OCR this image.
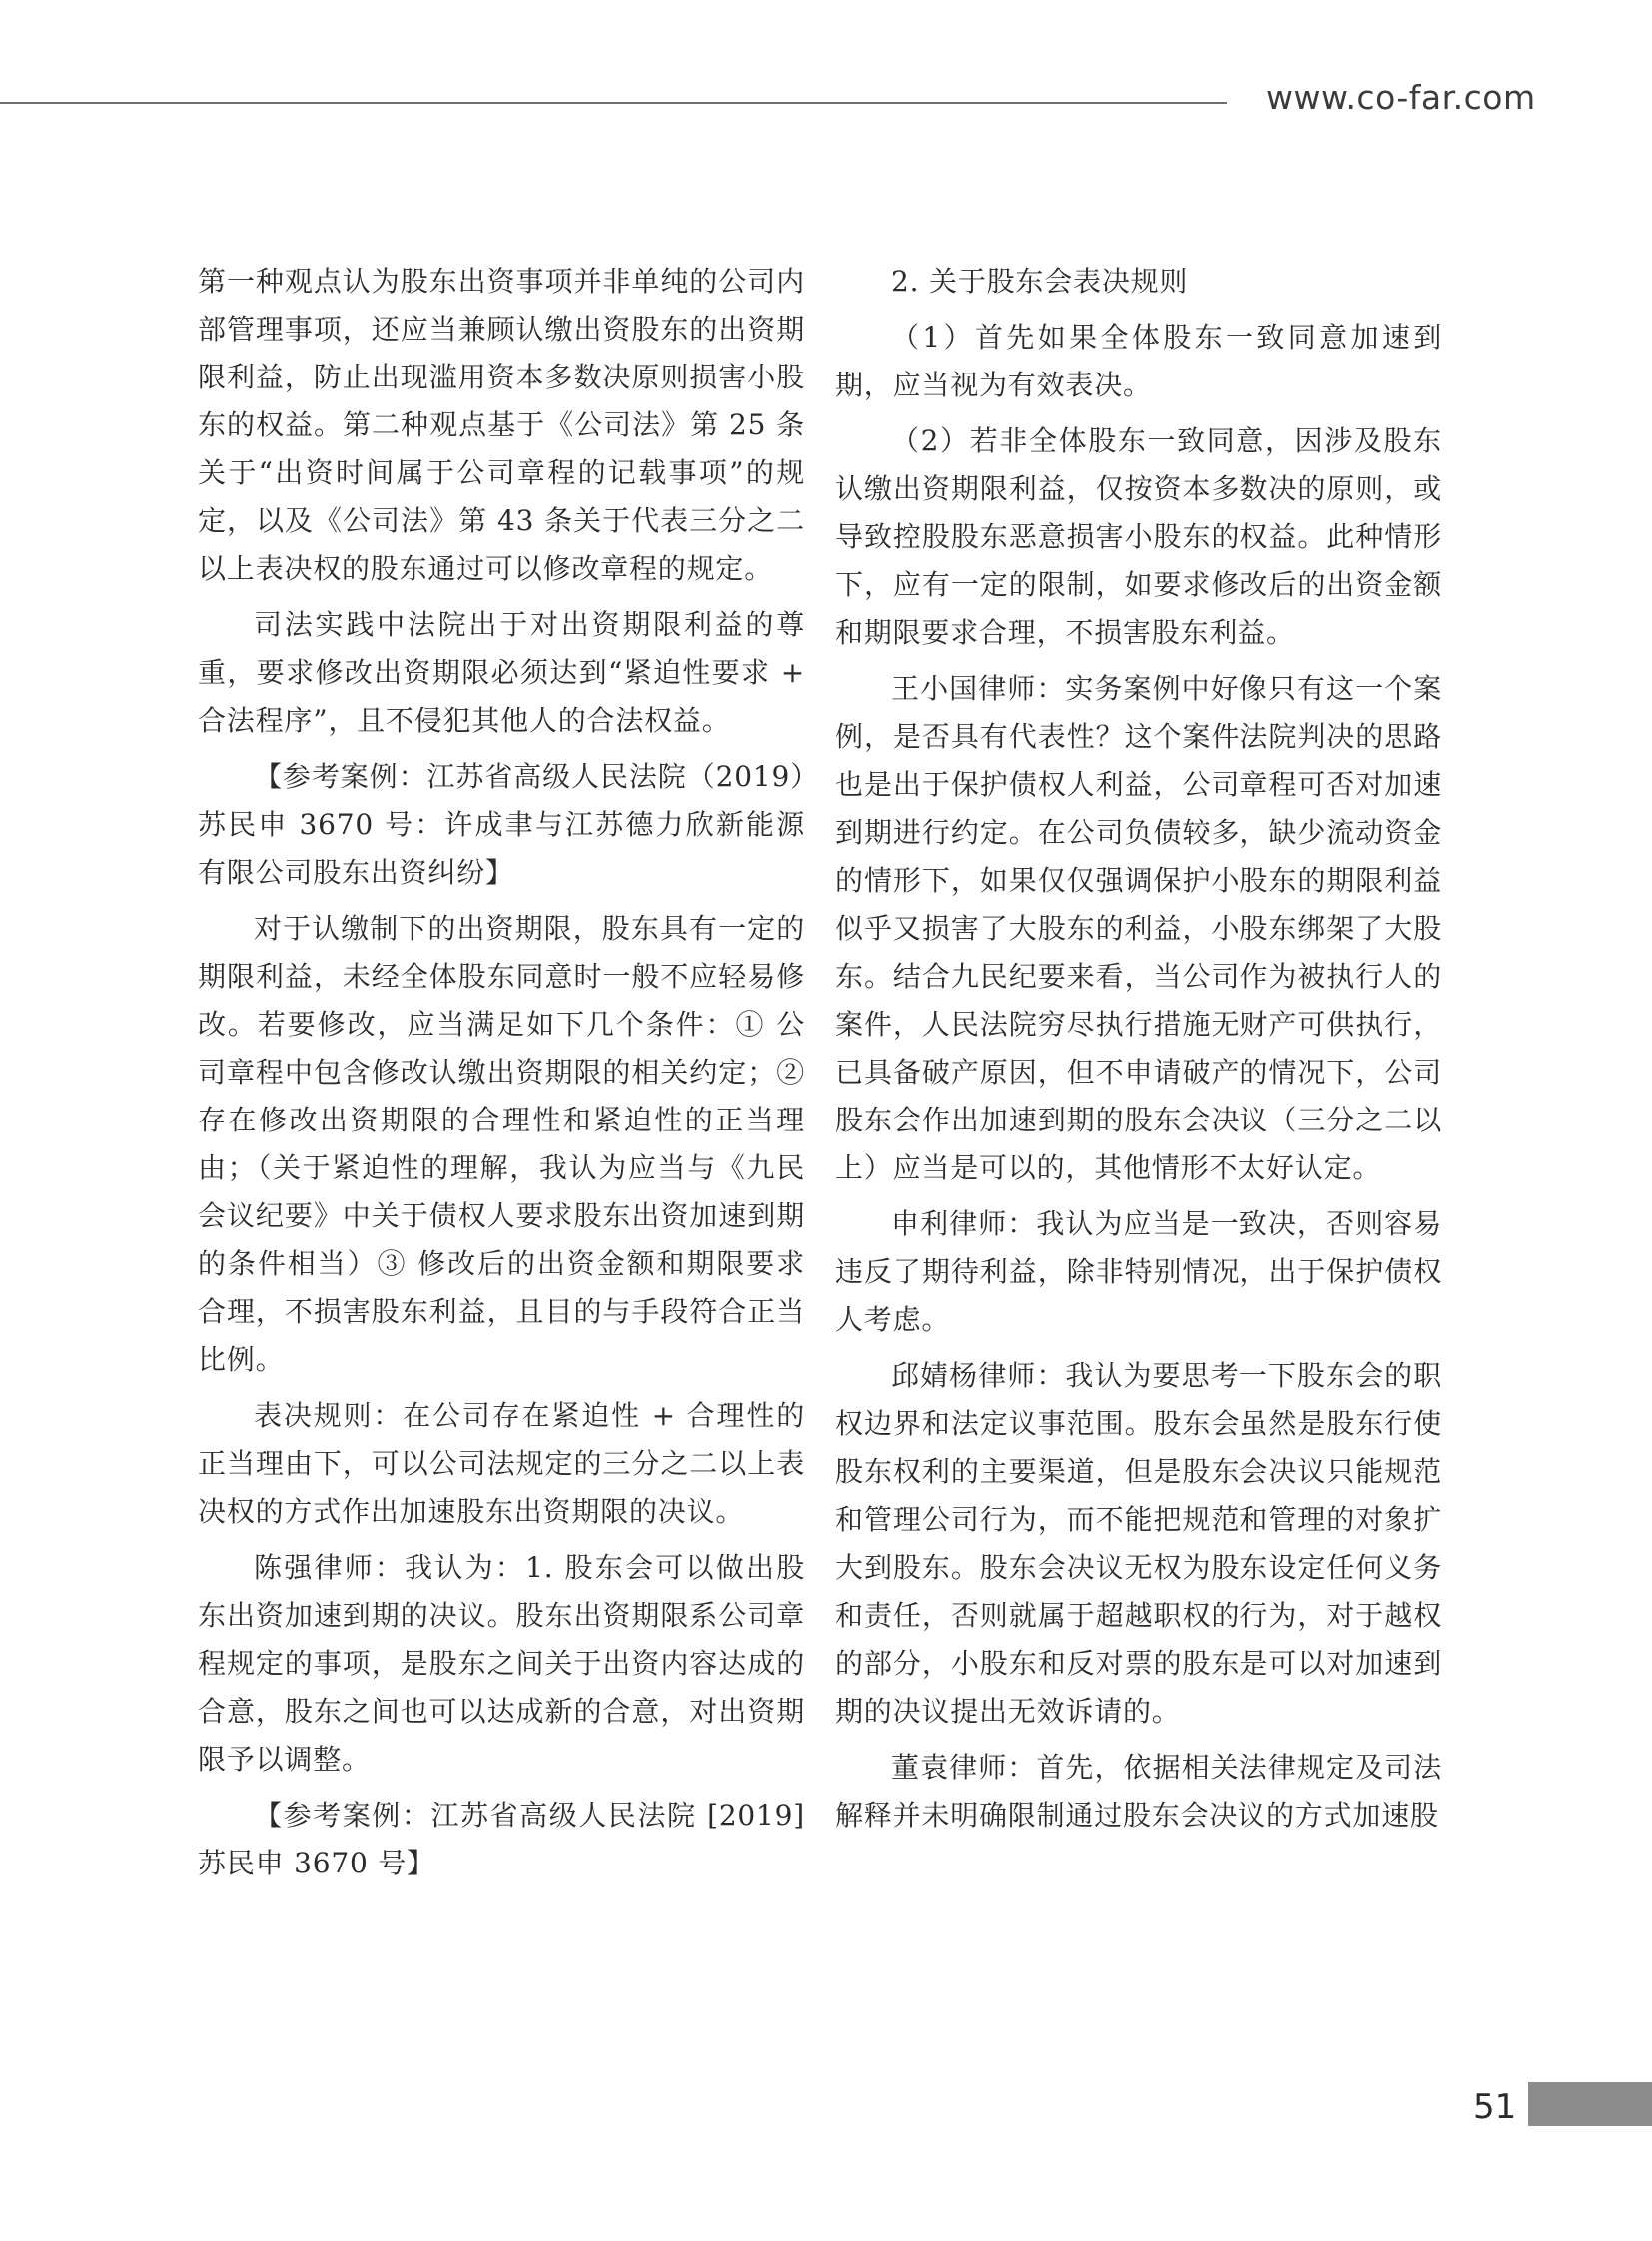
www.co-far.com

第一种观点认为股东出资事项并非单纯的公司内部管理事项，还应当兼顾认缴出资股东的出资期限利益，防止出现滥用资本多数决原则损害小股东的权益。第二种观点基于《公司法》第 25 条关于“出资时间属于公司章程的记载事项”的规定，以及《公司法》第 43 条关于代表三分之二以上表决权的股东通过可以修改章程的规定。

司法实践中法院出于对出资期限利益的尊重，要求修改出资期限必须达到“紧迫性要求 + 合法程序”，且不侵犯其他人的合法权益。

【参考案例：江苏省高级人民法院（2019）苏民申 3670 号：许成聿与江苏德力欣新能源有限公司股东出资纠纷】

对于认缴制下的出资期限，股东具有一定的期限利益，未经全体股东同意时一般不应轻易修改。若要修改，应当满足如下几个条件：① 公司章程中包含修改认缴出资期限的相关约定；② 存在修改出资期限的合理性和紧迫性的正当理由；（关于紧迫性的理解，我认为应当与《九民会议纪要》中关于债权人要求股东出资加速到期的条件相当）③ 修改后的出资金额和期限要求合理，不损害股东利益，且目的与手段符合正当比例。

表决规则：在公司存在紧迫性 + 合理性的正当理由下，可以公司法规定的三分之二以上表决权的方式作出加速股东出资期限的决议。

陈强律师：我认为：1. 股东会可以做出股东出资加速到期的决议。股东出资期限系公司章程规定的事项，是股东之间关于出资内容达成的合意，股东之间也可以达成新的合意，对出资期限予以调整。

【参考案例：江苏省高级人民法院 [2019] 苏民申 3670 号】

2. 关于股东会表决规则

（1）首先如果全体股东一致同意加速到期，应当视为有效表决。

（2）若非全体股东一致同意，因涉及股东认缴出资期限利益，仅按资本多数决的原则，或导致控股股东恶意损害小股东的权益。此种情形下，应有一定的限制，如要求修改后的出资金额和期限要求合理，不损害股东利益。

王小国律师：实务案例中好像只有这一个案例，是否具有代表性？这个案件法院判决的思路也是出于保护债权人利益，公司章程可否对加速到期进行约定。在公司负债较多，缺少流动资金的情形下，如果仅仅强调保护小股东的期限利益似乎又损害了大股东的利益，小股东绑架了大股东。结合九民纪要来看，当公司作为被执行人的案件，人民法院穷尽执行措施无财产可供执行，已具备破产原因，但不申请破产的情况下，公司股东会作出加速到期的股东会决议（三分之二以上）应当是可以的，其他情形不太好认定。

申利律师：我认为应当是一致决，否则容易违反了期待利益，除非特别情况，出于保护债权人考虑。

邱婧杨律师：我认为要思考一下股东会的职权边界和法定议事范围。股东会虽然是股东行使股东权利的主要渠道，但是股东会决议只能规范和管理公司行为，而不能把规范和管理的对象扩大到股东。股东会决议无权为股东设定任何义务和责任，否则就属于超越职权的行为，对于越权的部分，小股东和反对票的股东是可以对加速到期的决议提出无效诉请的。

董袁律师：首先，依据相关法律规定及司法解释并未明确限制通过股东会决议的方式加速股

51
